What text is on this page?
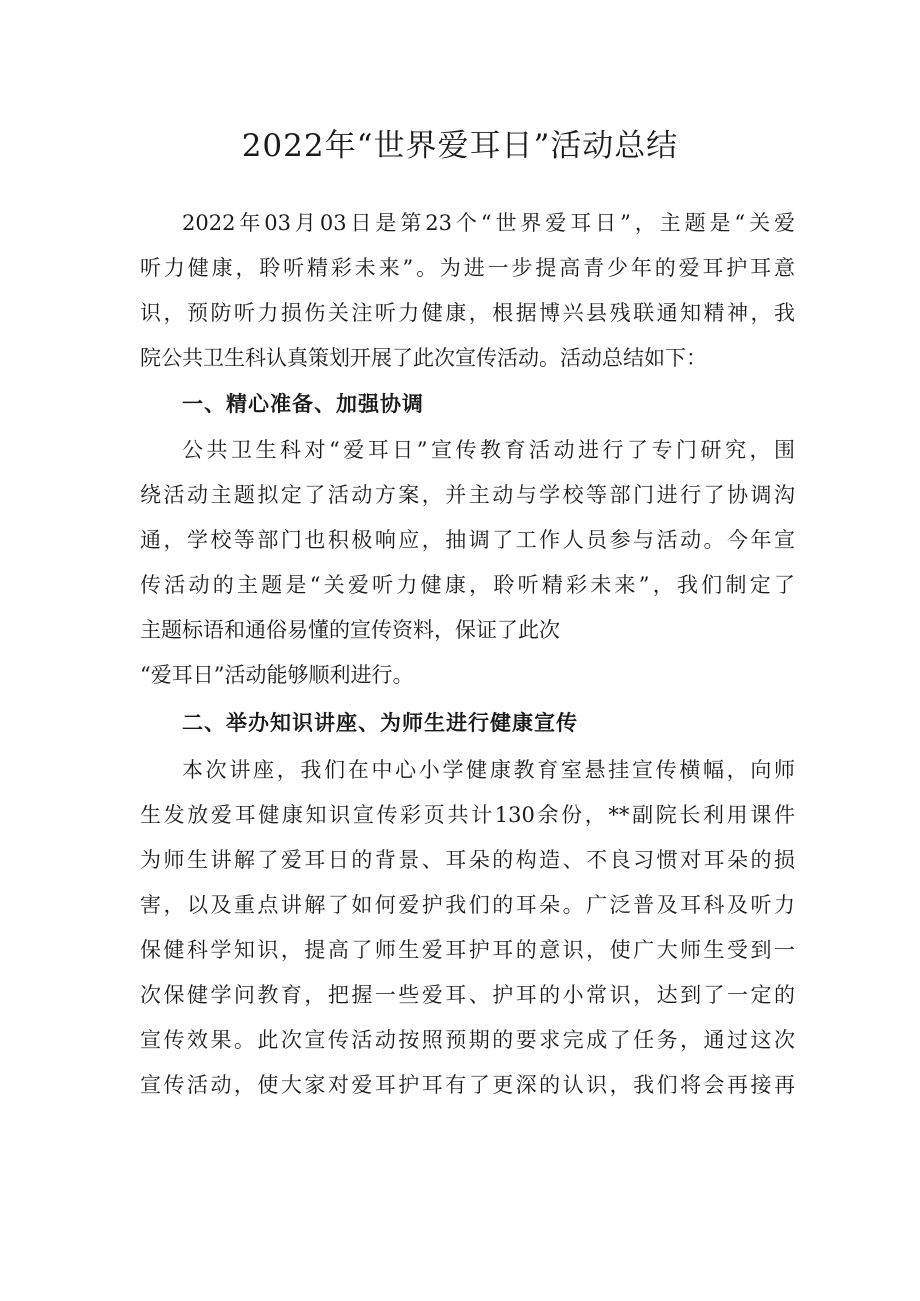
2022年“世界爱耳日”活动总结
2022年03月03日是第23个“世界爱耳日”，主题是“关爱
听力健康，聆听精彩未来”。为进一步提高青少年的爱耳护耳意
识，预防听力损伤关注听力健康，根据博兴县残联通知精神，我
院公共卫生科认真策划开展了此次宣传活动。活动总结如下：
一、精心准备、加强协调
公共卫生科对“爱耳日”宣传教育活动进行了专门研究，围
绕活动主题拟定了活动方案，并主动与学校等部门进行了协调沟
通，学校等部门也积极响应，抽调了工作人员参与活动。今年宣
传活动的主题是“关爱听力健康，聆听精彩未来”，我们制定了
主题标语和通俗易懂的宣传资料，保证了此次
“爱耳日”活动能够顺利进行。
二、举办知识讲座、为师生进行健康宣传
本次讲座，我们在中心小学健康教育室悬挂宣传横幅，向师
生发放爱耳健康知识宣传彩页共计130余份，**副院长利用课件
为师生讲解了爱耳日的背景、耳朵的构造、不良习惯对耳朵的损
害，以及重点讲解了如何爱护我们的耳朵。广泛普及耳科及听力
保健科学知识，提高了师生爱耳护耳的意识，使广大师生受到一
次保健学问教育，把握一些爱耳、护耳的小常识，达到了一定的
宣传效果。此次宣传活动按照预期的要求完成了任务，通过这次
宣传活动，使大家对爱耳护耳有了更深的认识，我们将会再接再
